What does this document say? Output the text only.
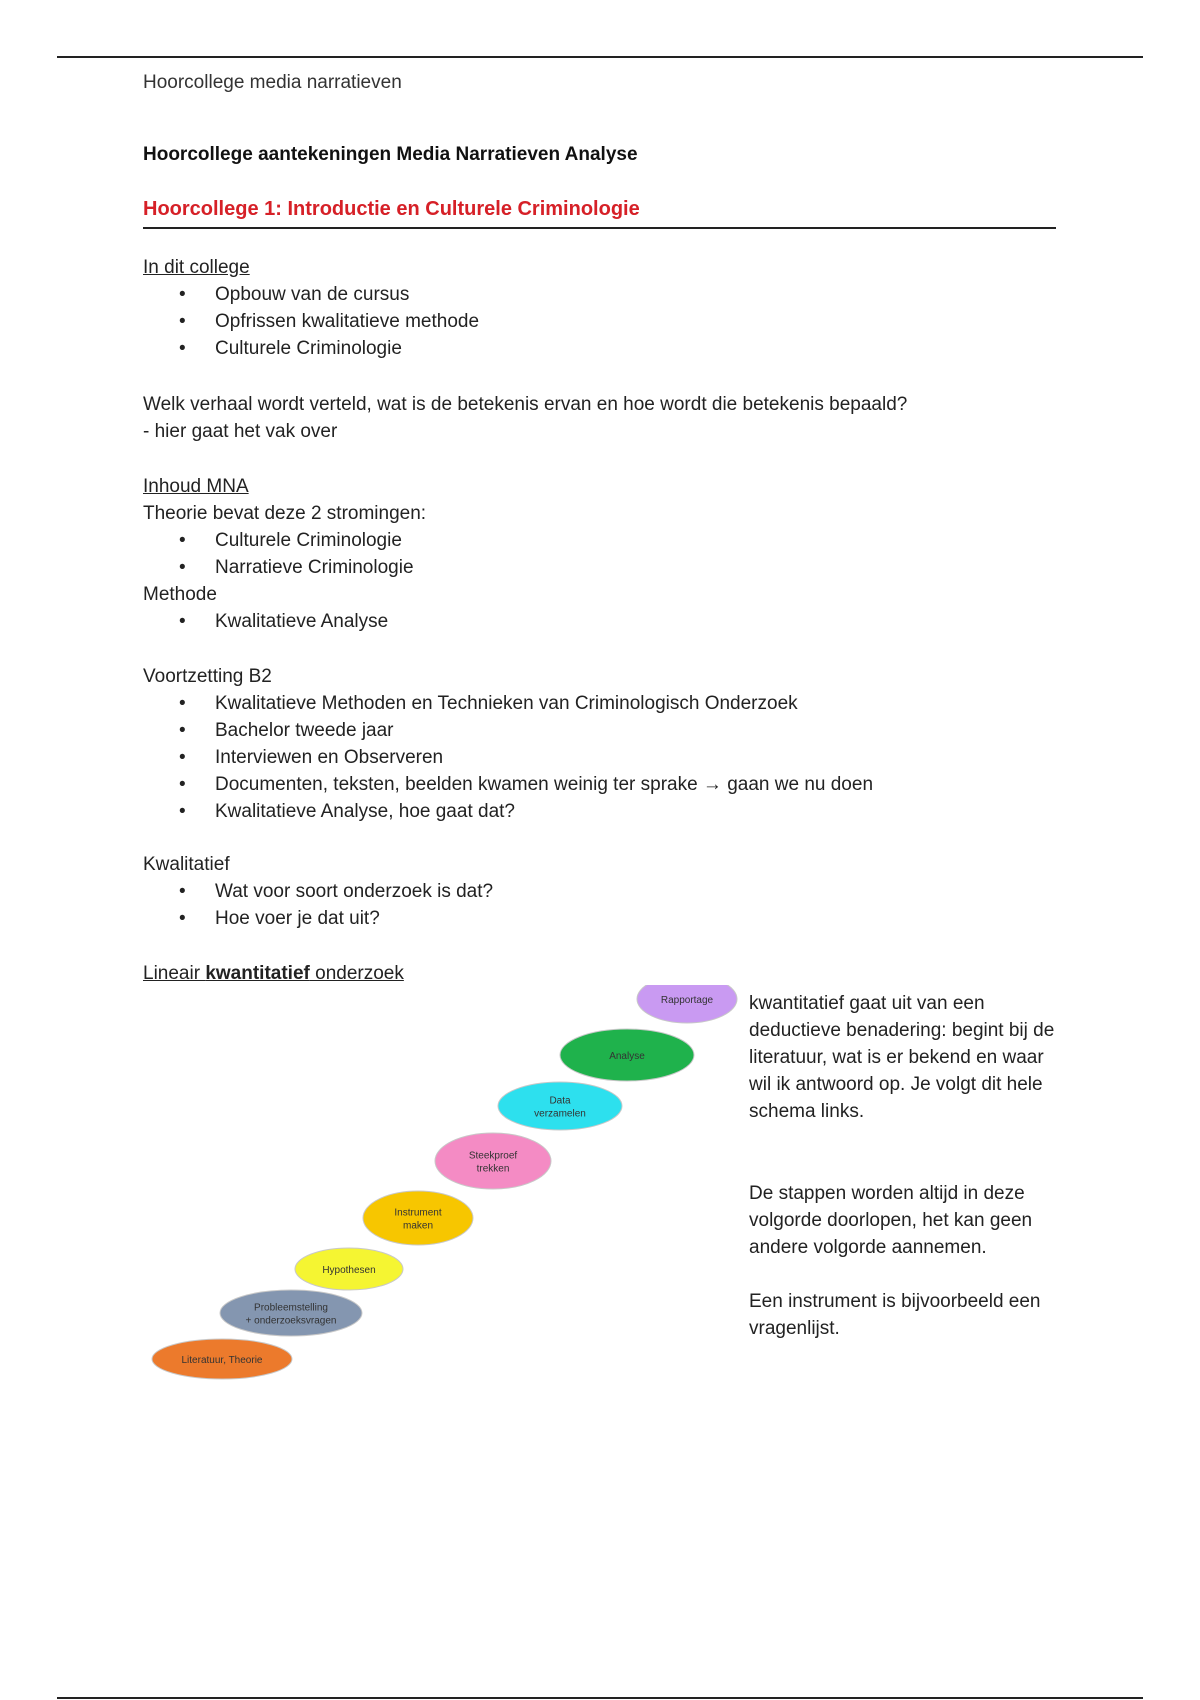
Hoorcollege media narratieven
Hoorcollege aantekeningen Media Narratieven Analyse
Hoorcollege 1: Introductie en Culturele Criminologie

In dit college

• Opbouw van de cursus
• Opfrissen kwalitatieve methode
• Culturele Criminologie

Welk verhaal wordt verteld, wat is de betekenis ervan en hoe wordt die betekenis bepaald?

- hier gaat het vak over

Inhoud MNA

Theorie bevat deze 2 stromingen:

• Culturele Criminologie
• Narratieve Criminologie

Methode

• Kwalitatieve Analyse

Voortzetting B2

• Kwalitatieve Methoden en Technieken van Criminologisch Onderzoek
• Bachelor tweede jaar
• Interviewen en Observeren
• Documenten, teksten, beelden kwamen weinig ter sprake → gaan we nu doen
• Kwalitatieve Analyse, hoe gaat dat?

Kwalitatief

• Wat voor soort onderzoek is dat?
• Hoe voer je dat uit?

Lineair kwantitatief onderzoek

Literatuur, Theorie
Probleemstelling
+ onderzoeksvragen
Hypothesen
Instrument
maken
Steekproef
trekken
Data
verzamelen
Analyse
Rapportage kwantitatief gaat uit van een deductieve benadering: begint bij de literatuur, wat is er bekend en waar wil ik antwoord op. Je volgt dit hele schema links.

De stappen worden altijd in deze volgorde doorlopen, het kan geen andere volgorde aannemen.

Een instrument is bijvoorbeeld een vragenlijst.
